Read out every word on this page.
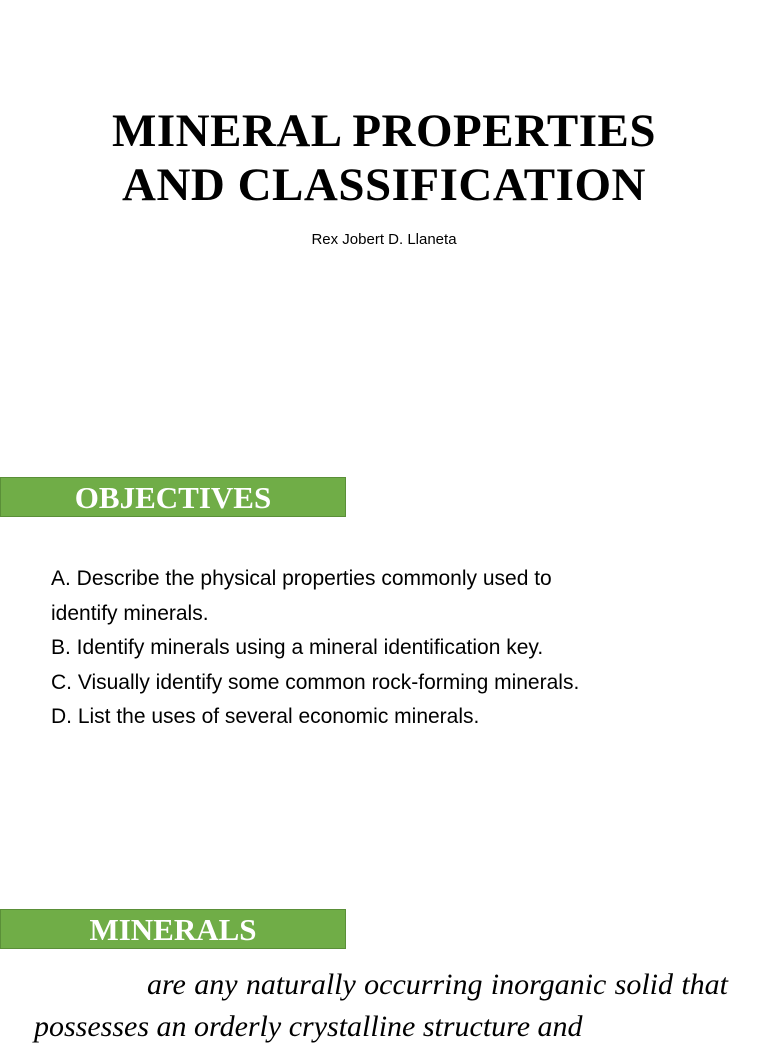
MINERAL PROPERTIES
AND CLASSIFICATION
Rex Jobert D. Llaneta
OBJECTIVES
A. Describe the physical properties commonly used to
identify minerals.
B. Identify minerals using a mineral identification key.
C. Visually identify some common rock-forming minerals.
D. List the uses of several economic minerals.
MINERALS

are any naturally occurring inorganic solid that possesses an orderly crystalline structure and
